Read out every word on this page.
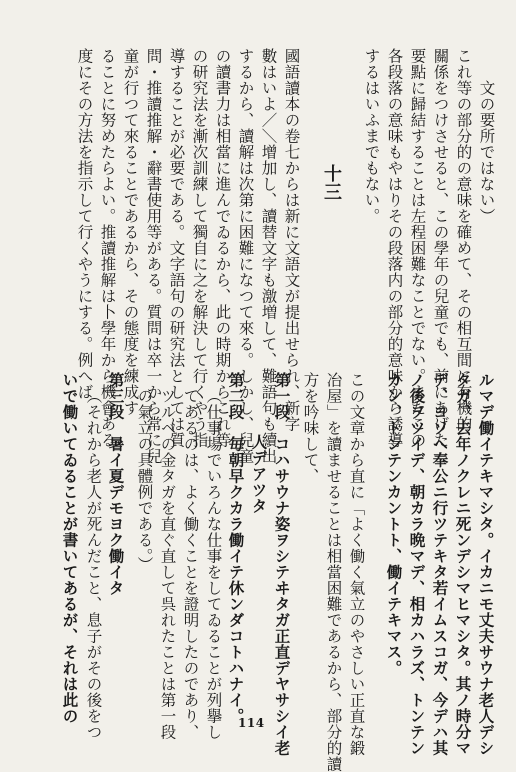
文の要所ではない）
これ等の部分的の意味を確めて、その相互間に有機的
關係をつけさせると、この學年の兒童でも、前にあげた
要點に歸結することは左程困難なことでない。またこの
各段落の意味もやはりその段落内の部分的意味から誘導
するはいふまでもない。
十三
國語讀本の卷七からは新に文語文が提出せられ、新字
數はいよ／＼增加し、讀替文字も激増して、難語句も續出
するから、讀解は次第に困難になつて來る。しかし、兒童
の讀書力は相當に進んでゐるから、此の時期からこれ等
の研究法を漸次訓練して獨自に之を解決して行くやう指
導することが必要である。文字語句の研究法としては質
問・推讀推解・辭書使用等がある。質問は卒一から常に兒
童が行つて來ることであるから、その態度を練成す
ることに努めたらよい。推讀推解は卜學年から機會ある
度にその方法を指示して行くやうにする。例へば
ルマデ働イテキマシタ。イカニモ丈夫サウナ老人デシ
タガ、去年ノクレニ死ンデシマヒマシタ。其ノ時分マ
デ、ヨソヘ奉公ニ行ツテキタ若イムスコガ、今デハ其
ノ後ヲツイデ、朝カラ晩マデ、相カハラズ、トンテン
カン、トンテンカントト、働イテキマス。
この文章から直に「よく働く氣立のやさしい正直な鍛
冶屋」を讀ませることは相當困難であるから、部分的讀
方を吟味して、
第一段　コハサウナ姿ヲシテヰタガ正直デヤサシイ老
人デアツタ
第二段　毎朝早クカラ働イテ休ンダコトハナイ。
（仕事場でいろんな仕事をしてゐることが列擧し
てあるのは、よく働くことを證明したのであり、
ツルベの金タガを直ぐ直して呉れたことは第一段
の氣立の具體例である。）
第三段　暑イ夏デモヨク働イタ
（それから老人が死んだこと、息子がその後をつ
いで働いてゐることが書いてあるが、それは此の	114
